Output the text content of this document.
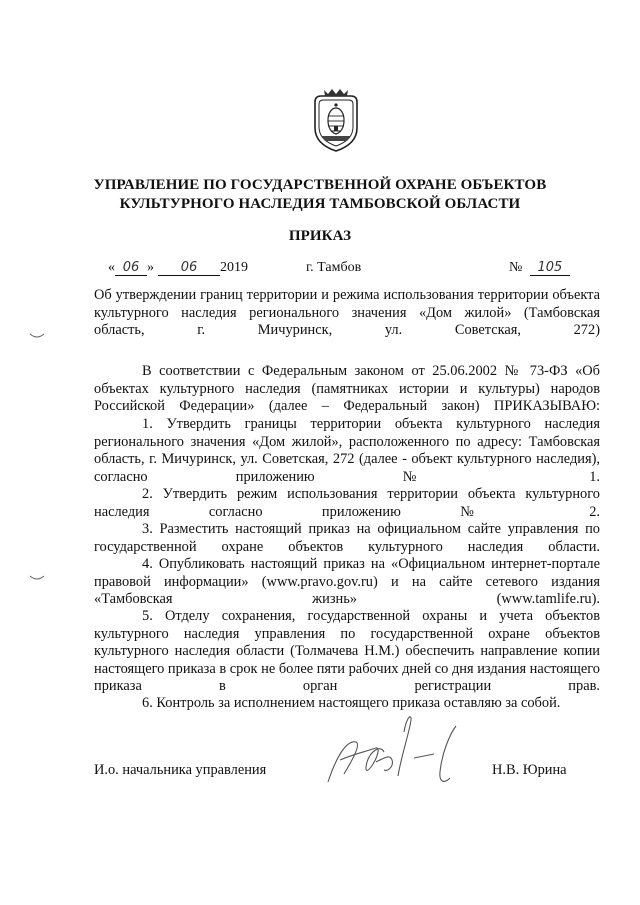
УПРАВЛЕНИЕ ПО ГОСУДАРСТВЕННОЙ ОХРАНЕ ОБЪЕКТОВ
КУЛЬТУРНОГО НАСЛЕДИЯ ТАМБОВСКОЙ ОБЛАСТИ
ПРИКАЗ
« 06 » 06 2019	г. Тамбов	№ 105
Об утверждении границ территории и режима использования территории объекта культурного наследия регионального значения «Дом жилой» (Тамбовская область, г. Мичуринск, ул. Советская, 272)
В соответствии с Федеральным законом от 25.06.2002 № 73-ФЗ «Об объектах культурного наследия (памятниках истории и культуры) народов Российской Федерации» (далее – Федеральный закон) ПРИКАЗЫВАЮ:
1. Утвердить границы территории объекта культурного наследия регионального значения «Дом жилой», расположенного по адресу: Тамбовская область, г. Мичуринск, ул. Советская, 272 (далее - объект культурного наследия), согласно приложению № 1.
2. Утвердить режим использования территории объекта культурного наследия согласно приложению № 2.
3. Разместить настоящий приказ на официальном сайте управления по государственной охране объектов культурного наследия области.
4. Опубликовать настоящий приказ на «Официальном интернет-портале правовой информации» (www.pravo.gov.ru) и на сайте сетевого издания «Тамбовская жизнь» (www.tamlife.ru).
5. Отделу сохранения, государственной охраны и учета объектов культурного наследия управления по государственной охране объектов культурного наследия области (Толмачева Н.М.) обеспечить направление копии настоящего приказа в срок не более пяти рабочих дней со дня издания настоящего приказа в орган регистрации прав.
6. Контроль за исполнением настоящего приказа оставляю за собой.
И.о. начальника управления	Н.В. Юрина
